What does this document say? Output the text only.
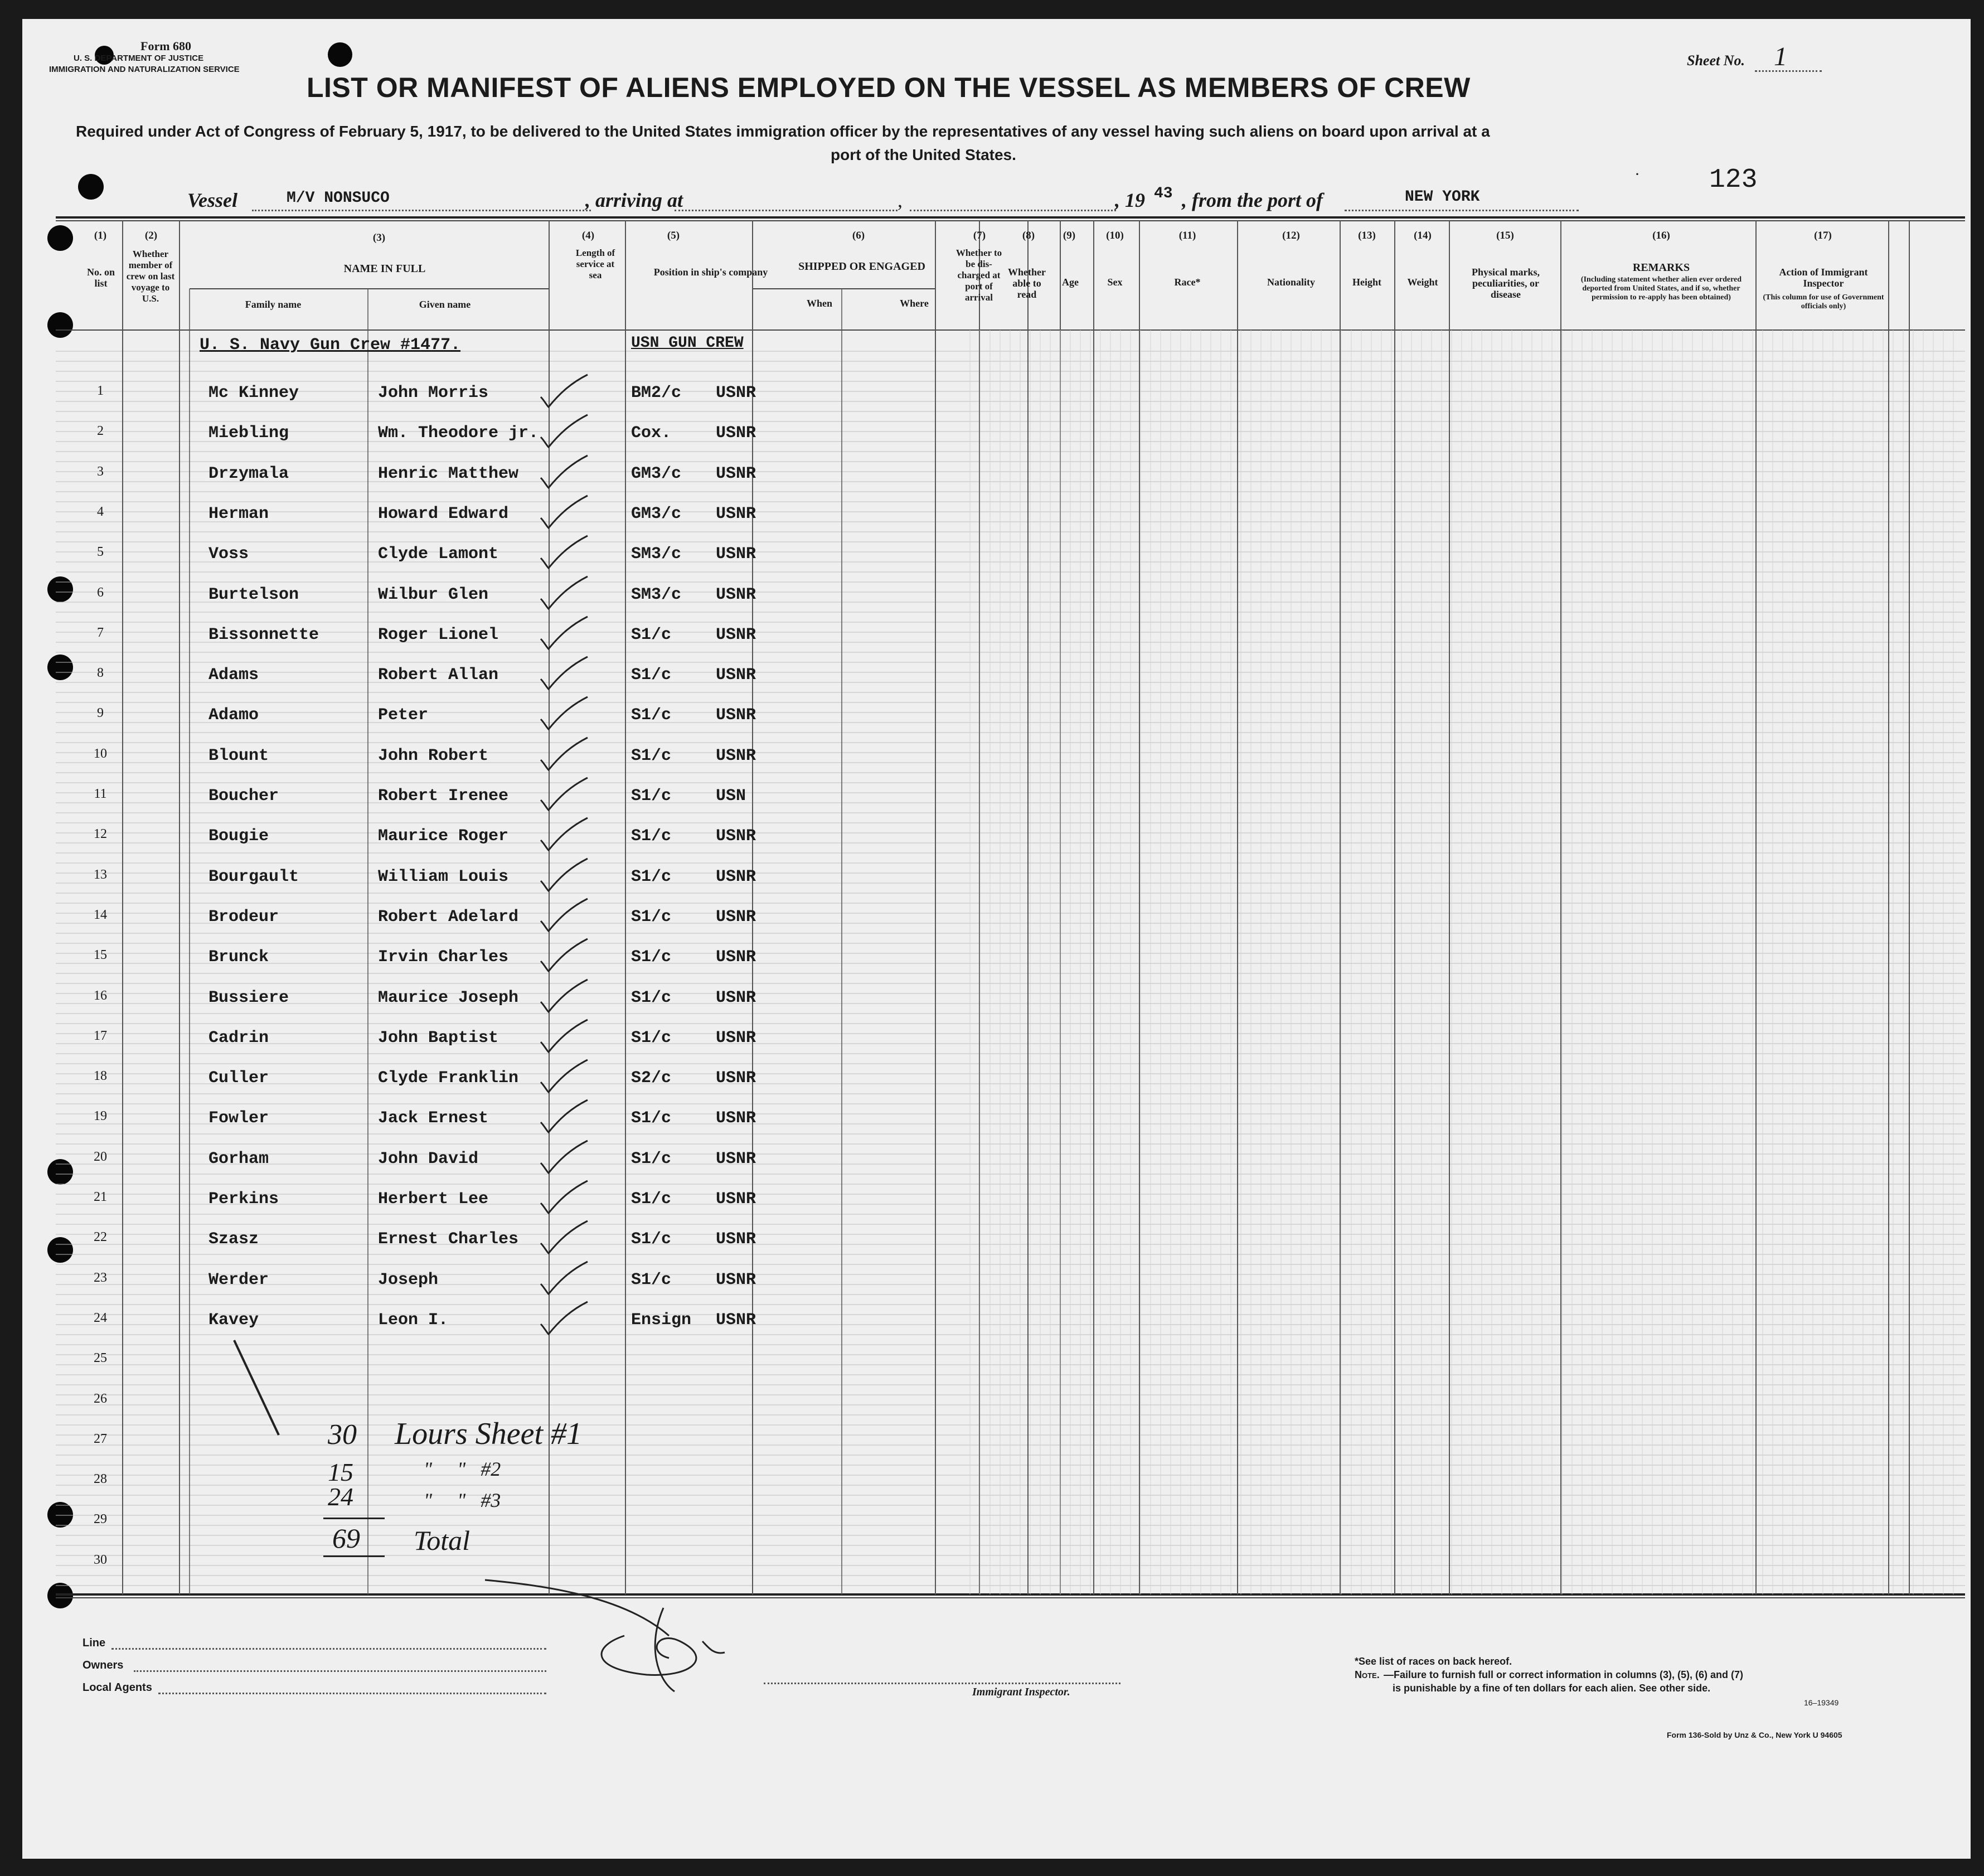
Form 680
U. S. DEPARTMENT OF JUSTICE
IMMIGRATION AND NATURALIZATION SERVICE
Sheet No. 1
LIST OR MANIFEST OF ALIENS EMPLOYED ON THE VESSEL AS MEMBERS OF CREW
Required under Act of Congress of February 5, 1917, to be delivered to the United States immigration officer by the representatives of any vessel having such aliens on board upon arrival at a
port of the United States.
123
·
Vessel	M/V NONSUCO	, arriving at	,	, 19 43 , from the port of	NEW YORK
(1)	(2)	(3)	(4)	(5)	(6)	(7)	(8)	(9)	(10)	(11)	(12)	(13)	(14)	(15)	(16)	(17)
No. on list
Whether member of crew on last voyage to U.S.
NAME IN FULL
Family name	Given name
Length of service at sea	Position in ship's company	SHIPPED OR ENGAGED
When	Where
Whether to be dis-charged at port of arrival
Whether able to read
Age	Sex	Race*	Nationality	Height	Weight
Physical marks, peculiarities, or disease
REMARKS
(Including statement whether alien ever ordered deported from United States, and if so, whether permission to re-apply has been obtained)
Action of Immigrant Inspector
(This column for use of Government officials only)
U. S. Navy Gun Crew #1477.	USN GUN CREW
1	Mc Kinney	John Morris	BM2/c USNR
2	Miebling	Wm. Theodore jr.	Cox.	USNR
3	Drzymala	Henric Matthew	GM3/c USNR
4	Herman	Howard Edward	GM3/c USNR
5	Voss	Clyde Lamont	SM3/c USNR
6	Burtelson	Wilbur Glen	SM3/c USNR
7	Bissonnette	Roger Lionel	S1/c	USNR
8	Adams	Robert Allan	S1/c	USNR
9	Adamo	Peter	S1/c	USNR
10	Blount	John Robert	S1/c	USNR
11	Boucher	Robert Irenee	S1/c	USN
12	Bougie	Maurice Roger	S1/c	USNR
13	Bourgault	William Louis	S1/c	USNR
14	Brodeur	Robert Adelard	S1/c	USNR
15	Brunck	Irvin Charles	S1/c	USNR
16	Bussiere	Maurice Joseph	S1/c	USNR
17	Cadrin	John Baptist	S1/c	USNR
18	Culler	Clyde Franklin	S2/c	USNR
19	Fowler	Jack Ernest	S1/c	USNR
20	Gorham	John David	S1/c	USNR
21	Perkins	Herbert Lee	S1/c	USNR
22	Szasz	Ernest Charles	S1/c	USNR
23	Werder	Joseph	S1/c	USNR
24	Kavey	Leon I.	Ensign USNR
25
26
27
28
29
30
30 Lours Sheet #1
15	"     "   #2
24	"     "   #3
69 Total
Line
Owners
Local Agents	Immigrant Inspector.
*See list of races on back hereof.
Note. —Failure to furnish full or correct information in columns (3), (5), (6) and (7)
is punishable by a fine of ten dollars for each alien. See other side.
16–19349
Form 136-Sold by Unz & Co., New York U 94605
